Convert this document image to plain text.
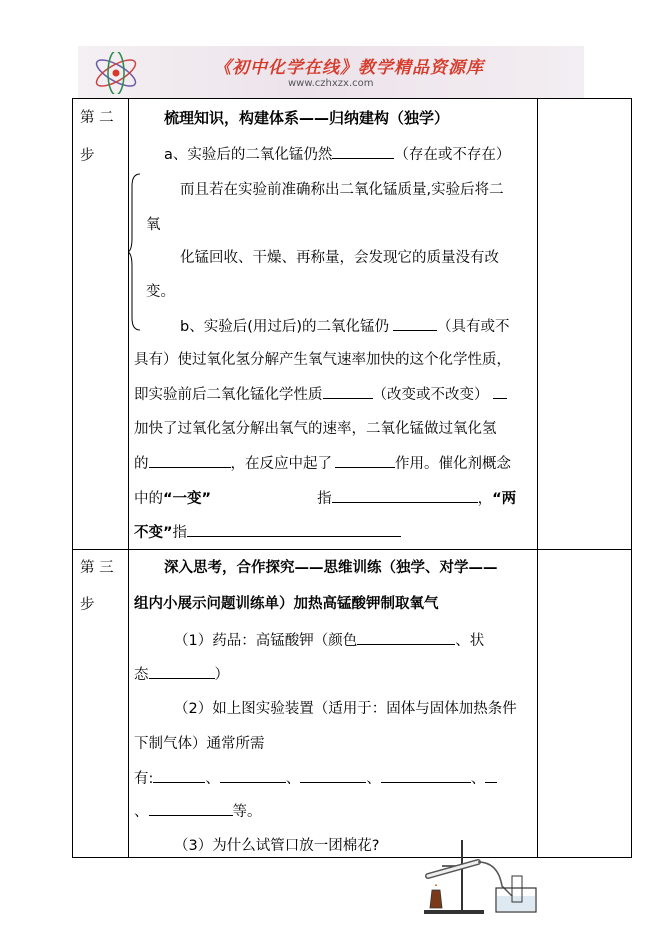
《初中化学在线》教学精品资源库
www.czhxzx.com
第 二
步
梳理知识，构建体系——归纳建构（独学）
a、实验后的二氧化锰仍然	（存在或不存在）
而且若在实验前准确称出二氧化锰质量,实验后将二
氧
化锰回收、干燥、再称量，会发现它的质量没有改
变。
b、实验后(用过后)的二氧化锰仍	（具有或不
具有）使过氧化氢分解产生氧气速率加快的这个化学性质，
即实验前后二氧化锰化学性质	（改变或不改变）
加快了过氧化氢分解出氧气的速率，二氧化锰做过氧化氢
的	，在反应中起了	作用。催化剂概念
中的“一变”	指	，“两
不变”指
第 三
步
深入思考，合作探究——思维训练（独学、对学——
组内小展示问题训练单）加热高锰酸钾制取氧气
（1）药品：高锰酸钾（颜色	、状
态	）
（2）如上图实验装置（适用于：固体与固体加热条件
下制气体）通常所需
有:	、	、	、	、
、	等。
（3）为什么试管口放一团棉花?
